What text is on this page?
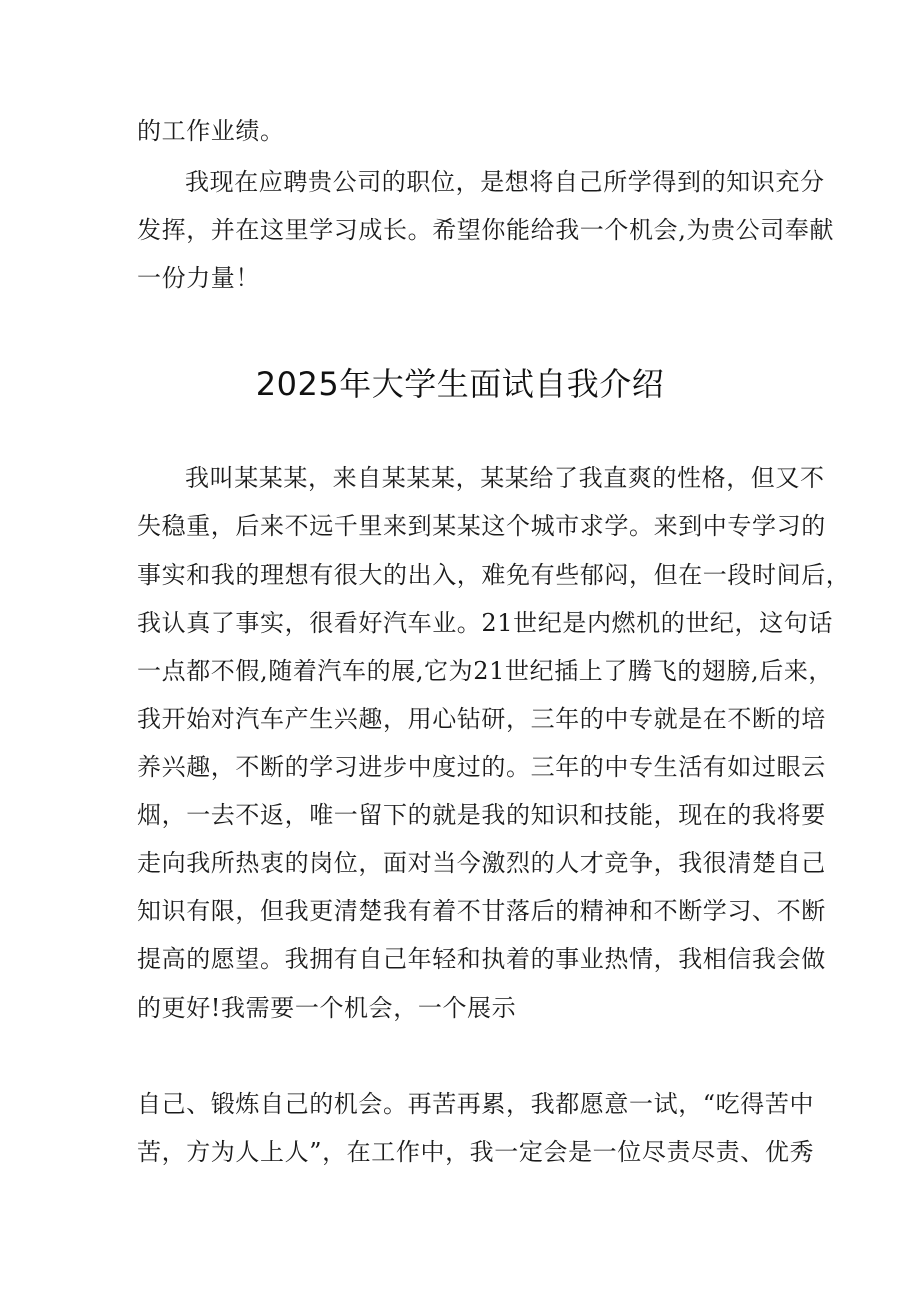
的工作业绩。
我现在应聘贵公司的职位，是想将自己所学得到的知识充分
发挥，并在这里学习成长。希望你能给我一个机会,为贵公司奉献
一份力量！
2025年大学生面试自我介绍
我叫某某某，来自某某某，某某给了我直爽的性格，但又不
失稳重，后来不远千里来到某某这个城市求学。来到中专学习的
事实和我的理想有很大的出入，难免有些郁闷，但在一段时间后，
我认真了事实，很看好汽车业。21世纪是内燃机的世纪，这句话
一点都不假,随着汽车的展,它为21世纪插上了腾飞的翅膀,后来，
我开始对汽车产生兴趣，用心钻研，三年的中专就是在不断的培
养兴趣，不断的学习进步中度过的。三年的中专生活有如过眼云
烟，一去不返，唯一留下的就是我的知识和技能，现在的我将要
走向我所热衷的岗位，面对当今激烈的人才竞争，我很清楚自己
知识有限，但我更清楚我有着不甘落后的精神和不断学习、不断
提高的愿望。我拥有自己年轻和执着的事业热情，我相信我会做
的更好!我需要一个机会，一个展示
自己、锻炼自己的机会。再苦再累，我都愿意一试，“吃得苦中
苦，方为人上人”，在工作中，我一定会是一位尽责尽责、优秀
